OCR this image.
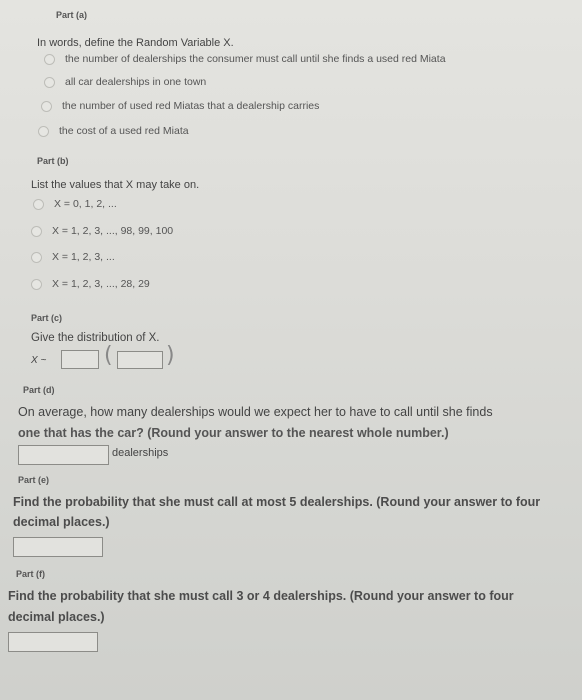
Part (a)
In words, define the Random Variable X.
the number of dealerships the consumer must call until she finds a used red Miata
all car dealerships in one town
the number of used red Miatas that a dealership carries
the cost of a used red Miata
Part (b)
List the values that X may take on.
X = 0, 1, 2, ...
X = 1, 2, 3, ..., 98, 99, 100
X = 1, 2, 3, ...
X = 1, 2, 3, ..., 28, 29
Part (c)
Give the distribution of X.
X ~	( )
Part (d)
On average, how many dealerships would we expect her to have to call until she finds
one that has the car? (Round your answer to the nearest whole number.)
dealerships
Part (e)
Find the probability that she must call at most 5 dealerships. (Round your answer to four
decimal places.)
Part (f)
Find the probability that she must call 3 or 4 dealerships. (Round your answer to four
decimal places.)
